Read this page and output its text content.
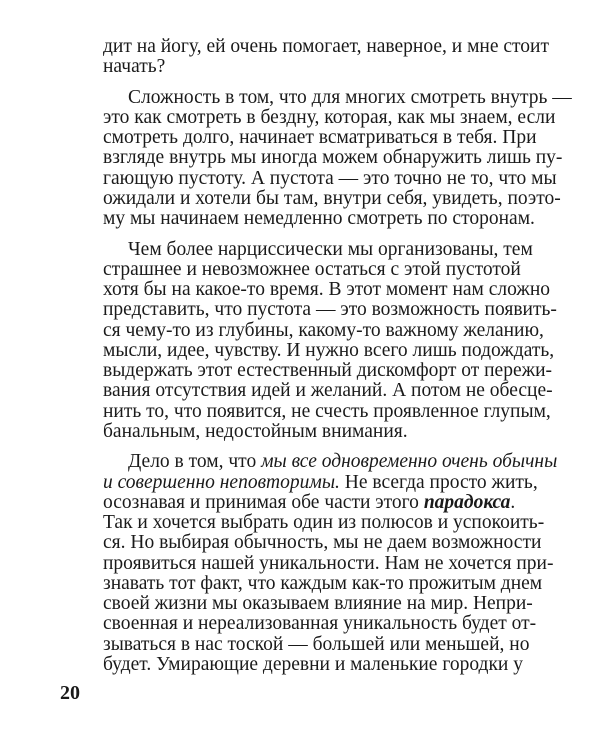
дит на йогу, ей очень помогает, наверное, и мне стоит
начать?
Сложность в том, что для многих смотреть внутрь —
это как смотреть в бездну, которая, как мы знаем, если
смотреть долго, начинает всматриваться в тебя. При
взгляде внутрь мы иногда можем обнаружить лишь пу-
гающую пустоту. А пустота — это точно не то, что мы
ожидали и хотели бы там, внутри себя, увидеть, поэто-
му мы начинаем немедленно смотреть по сторонам.
Чем более нарциссически мы организованы, тем
страшнее и невозможнее остаться с этой пустотой
хотя бы на какое-то время. В этот момент нам сложно
представить, что пустота — это возможность появить-
ся чему-то из глубины, какому-то важному желанию,
мысли, идее, чувству. И нужно всего лишь подождать,
выдержать этот естественный дискомфорт от пережи-
вания отсутствия идей и желаний. А потом не обесце-
нить то, что появится, не счесть проявленное глупым,
банальным, недостойным внимания.
Дело в том, что мы все одновременно очень обычны
и совершенно неповторимы. Не всегда просто жить,
осознавая и принимая обе части этого парадокса.
Так и хочется выбрать один из полюсов и успокоить-
ся. Но выбирая обычность, мы не даем возможности
проявиться нашей уникальности. Нам не хочется при-
знавать тот факт, что каждым как-то прожитым днем
своей жизни мы оказываем влияние на мир. Непри-
своенная и нереализованная уникальность будет от-
зываться в нас тоской — большей или меньшей, но
будет. Умирающие деревни и маленькие городки у
20
